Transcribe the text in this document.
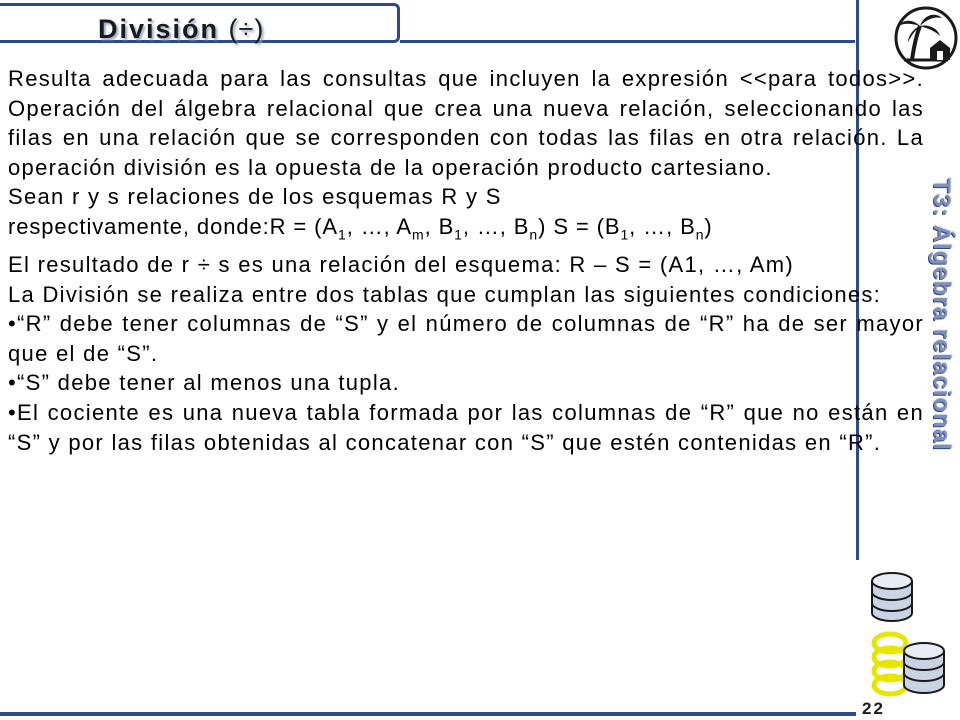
División (÷)
T3: Álgebra relacional

Resulta adecuada para las consultas que incluyen la expresión <<para todos>>. Operación del álgebra relacional que crea una nueva relación, seleccionando las filas en una relación que se corresponden con todas las filas en otra relación. La operación división es la opuesta de la operación producto cartesiano.

Sean r y s relaciones de los esquemas R y S

respectivamente, donde:R = ($A_1$, …, $A_m$, $B_1$, …, $B_n$) $S = (B_1$, …, $B_n$)

El resultado de r ÷ s es una relación del esquema: R – S = (A1, …, Am)

La División se realiza entre dos tablas que cumplan las siguientes condiciones:

• “R” debe tener columnas de “S” y el número de columnas de “R” ha de ser mayor que el de “S”.

• “S” debe tener al menos una tupla.

• El cociente es una nueva tabla formada por las columnas de “R” que no están en “S” y por las filas obtenidas al concatenar con “S” que estén contenidas en “R”.

22
